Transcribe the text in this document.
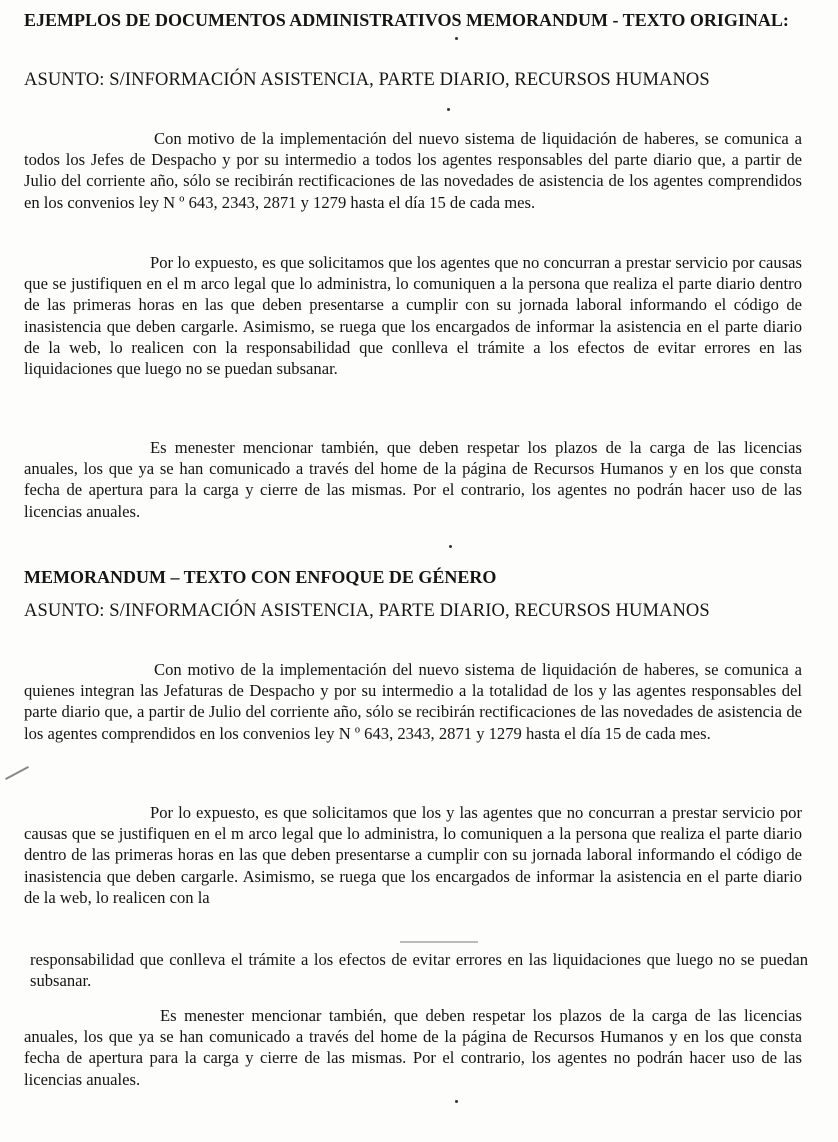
EJEMPLOS DE DOCUMENTOS ADMINISTRATIVOS MEMORANDUM - TEXTO ORIGINAL:
ASUNTO: S/INFORMACIÓN ASISTENCIA, PARTE DIARIO, RECURSOS HUMANOS
Con motivo de la implementación del nuevo sistema de liquidación de haberes, se comunica a todos los Jefes de Despacho y por su intermedio a todos los agentes responsables del parte diario que, a partir de Julio del corriente año, sólo se recibirán rectificaciones de las novedades de asistencia de los agentes comprendidos en los convenios ley N º 643, 2343, 2871 y 1279 hasta el día 15 de cada mes.
Por lo expuesto, es que solicitamos que los agentes que no concurran a prestar servicio por causas que se justifiquen en el m arco legal que lo administra, lo comuniquen a la persona que realiza el parte diario dentro de las primeras horas en las que deben presentarse a cumplir con su jornada laboral informando el código de inasistencia que deben cargarle. Asimismo, se ruega que los encargados de informar la asistencia en el parte diario de la web, lo realicen con la responsabilidad que conlleva el trámite a los efectos de evitar errores en las liquidaciones que luego no se puedan subsanar.
Es menester mencionar también, que deben respetar los plazos de la carga de las licencias anuales, los que ya se han comunicado a través del home de la página de Recursos Humanos y en los que consta fecha de apertura para la carga y cierre de las mismas. Por el contrario, los agentes no podrán hacer uso de las licencias anuales.
MEMORANDUM – TEXTO CON ENFOQUE DE GÉNERO
ASUNTO: S/INFORMACIÓN ASISTENCIA, PARTE DIARIO, RECURSOS HUMANOS
Con motivo de la implementación del nuevo sistema de liquidación de haberes, se comunica a quienes integran las Jefaturas de Despacho y por su intermedio a la totalidad de los y las agentes responsables del parte diario que, a partir de Julio del corriente año, sólo se recibirán rectificaciones de las novedades de asistencia de los agentes comprendidos en los convenios ley N º 643, 2343, 2871 y 1279 hasta el día 15 de cada mes.
Por lo expuesto, es que solicitamos que los y las agentes que no concurran a prestar servicio por causas que se justifiquen en el m arco legal que lo administra, lo comuniquen a la persona que realiza el parte diario dentro de las primeras horas en las que deben presentarse a cumplir con su jornada laboral informando el código de inasistencia que deben cargarle. Asimismo, se ruega que los encargados de informar la asistencia en el parte diario de la web, lo realicen con la
responsabilidad que conlleva el trámite a los efectos de evitar errores en las liquidaciones que luego no se puedan subsanar.
Es menester mencionar también, que deben respetar los plazos de la carga de las licencias anuales, los que ya se han comunicado a través del home de la página de Recursos Humanos y en los que consta fecha de apertura para la carga y cierre de las mismas. Por el contrario, los agentes no podrán hacer uso de las licencias anuales.
